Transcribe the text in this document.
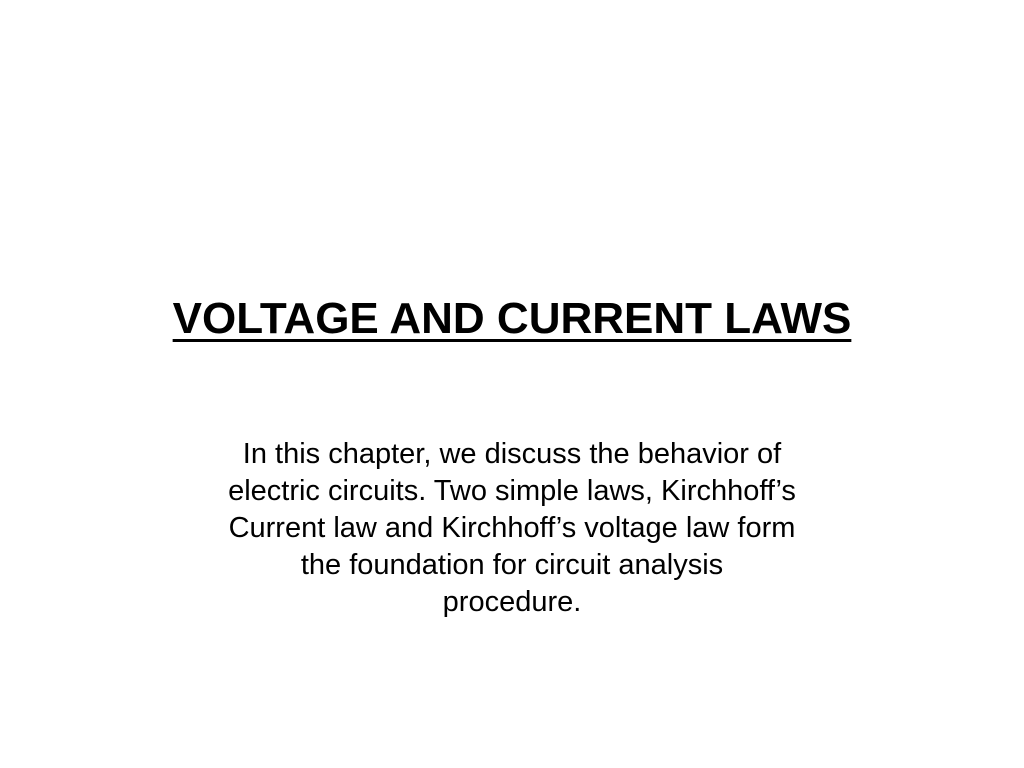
VOLTAGE AND CURRENT LAWS
In this chapter, we discuss the behavior of
electric circuits. Two simple laws, Kirchhoff’s
Current law and Kirchhoff’s voltage law form
the foundation for circuit analysis
procedure.
